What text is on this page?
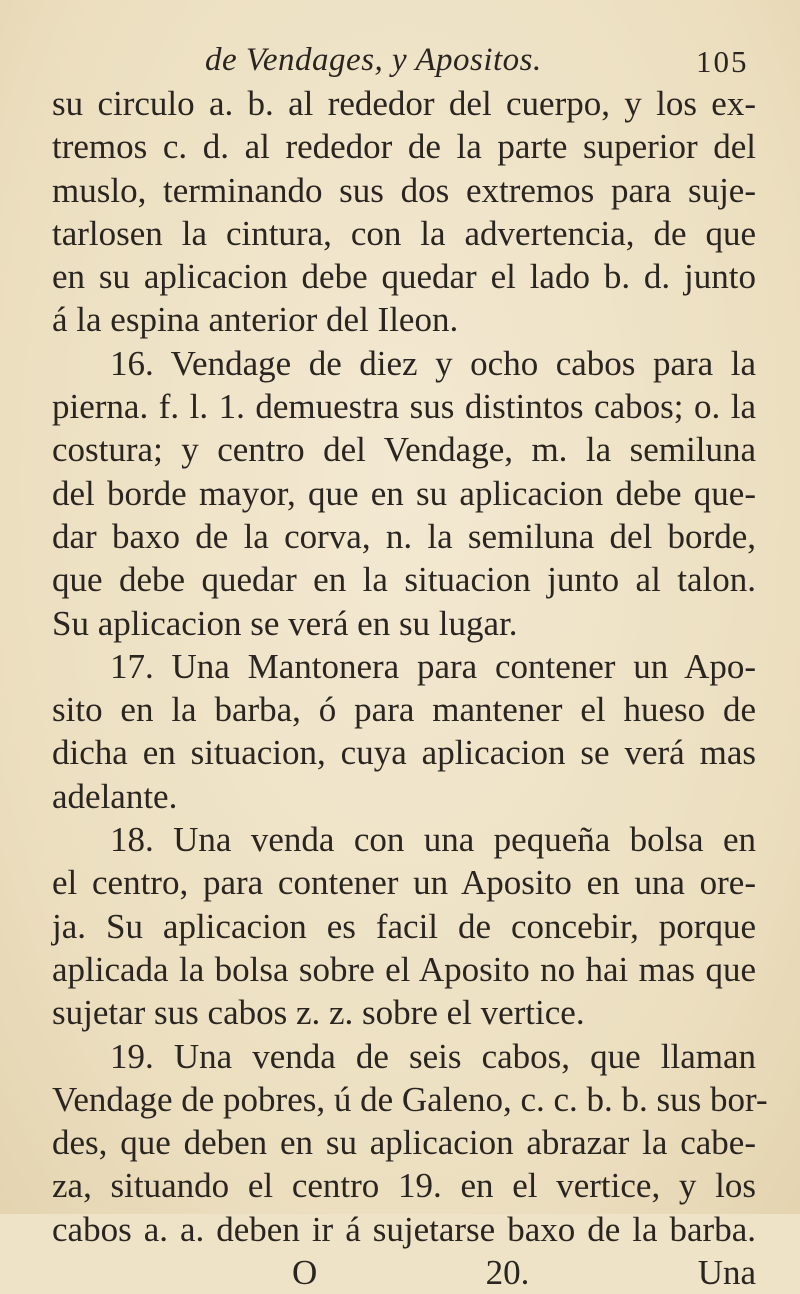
de Vendages, y Apositos.	105
su circulo a. b. al rededor del cuerpo, y los ex-
tremos c. d. al rededor de la parte superior del
muslo, terminando sus dos extremos para suje-
tarlosen la cintura, con la advertencia, de que
en su aplicacion debe quedar el lado b. d. junto
á la espina anterior del Ileon.
16. Vendage de diez y ocho cabos para la
pierna. f. l. 1. demuestra sus distintos cabos; o. la
costura; y centro del Vendage, m. la semiluna
del borde mayor, que en su aplicacion debe que-
dar baxo de la corva, n. la semiluna del borde,
que debe quedar en la situacion junto al talon.
Su aplicacion se verá en su lugar.
17. Una Mantonera para contener un Apo-
sito en la barba, ó para mantener el hueso de
dicha en situacion, cuya aplicacion se verá mas
adelante.
18. Una venda con una pequeña bolsa en
el centro, para contener un Aposito en una ore-
ja. Su aplicacion es facil de concebir, porque
aplicada la bolsa sobre el Aposito no hai mas que
sujetar sus cabos z. z. sobre el vertice.
19. Una venda de seis cabos, que llaman
Vendage de pobres, ú de Galeno, c. c. b. b. sus bor-
des, que deben en su aplicacion abrazar la cabe-
za, situando el centro 19. en el vertice, y los
cabos a. a. deben ir á sujetarse baxo de la barba.
O	20. Una
